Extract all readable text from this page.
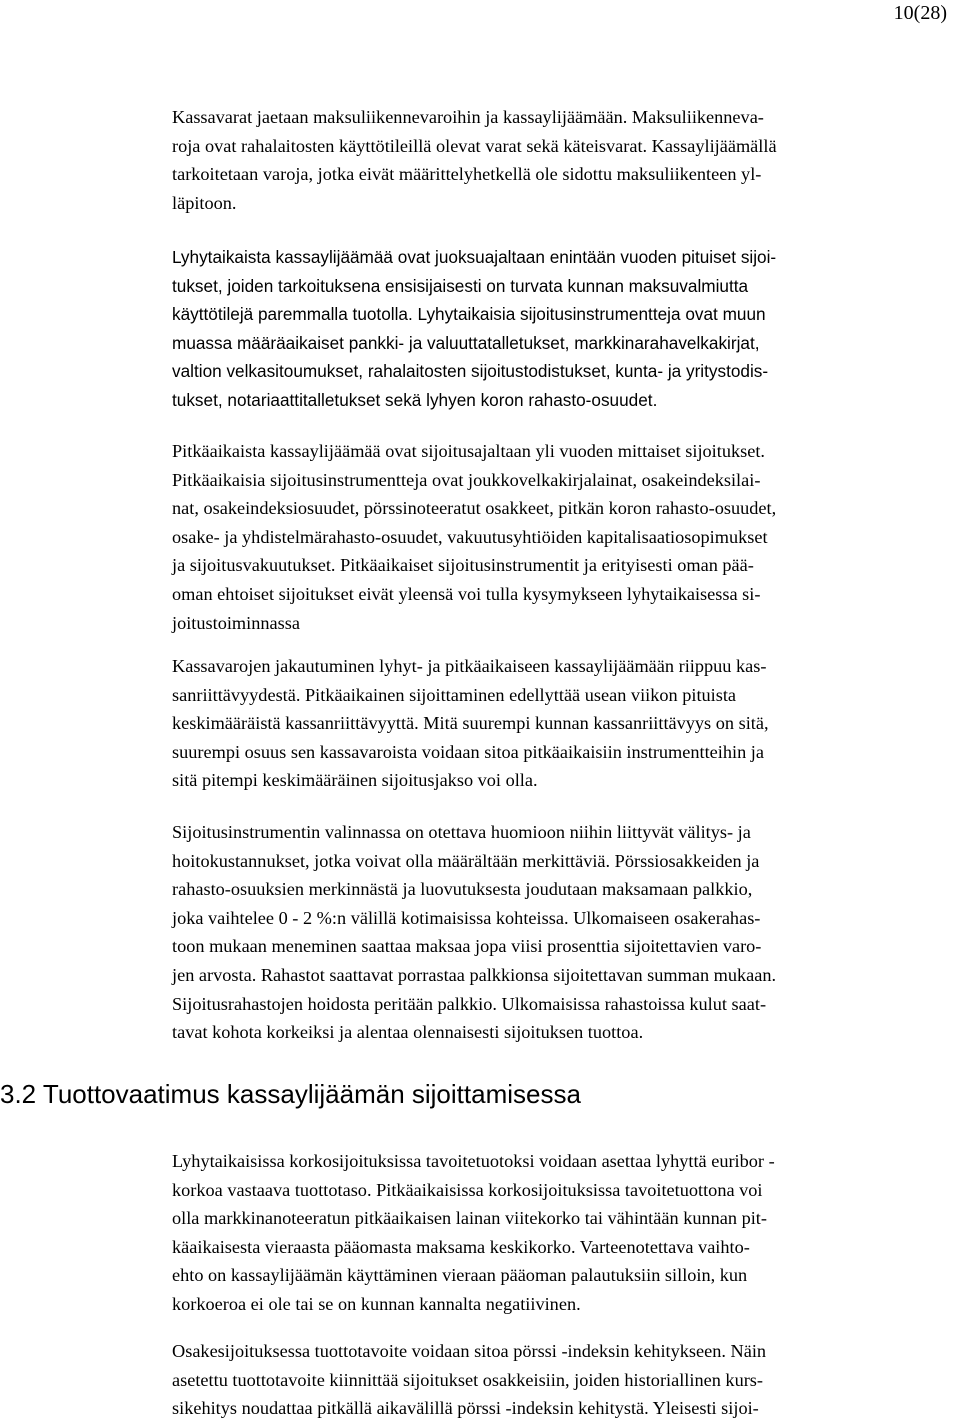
10(28)
Kassavarat jaetaan maksuliikennevaroihin ja kassaylijäämään. Maksuliikenneva-
roja ovat rahalaitosten käyttötileillä olevat varat sekä käteisvarat. Kassaylijäämällä
tarkoitetaan varoja, jotka eivät määrittelyhetkellä ole sidottu maksuliikenteen yl-
läpitoon.
Lyhytaikaista kassaylijäämää ovat juoksuajaltaan enintään vuoden pituiset sijoi-
tukset, joiden tarkoituksena ensisijaisesti on turvata kunnan maksuvalmiutta
käyttötilejä paremmalla tuotolla. Lyhytaikaisia sijoitusinstrumentteja ovat muun
muassa määräaikaiset pankki- ja valuuttatalletukset, markkinarahavelkakirjat,
valtion velkasitoumukset, rahalaitosten sijoitustodistukset, kunta- ja yritystodis-
tukset, notariaattitalletukset sekä lyhyen koron rahasto-osuudet.
Pitkäaikaista kassaylijäämää ovat sijoitusajaltaan yli vuoden mittaiset sijoitukset.
Pitkäaikaisia sijoitusinstrumentteja ovat joukkovelkakirjalainat, osakeindeksilai-
nat, osakeindeksiosuudet, pörssinoteeratut osakkeet, pitkän koron rahasto-osuudet,
osake- ja yhdistelmärahasto-osuudet, vakuutusyhtiöiden kapitalisaatiosopimukset
ja sijoitusvakuutukset. Pitkäaikaiset sijoitusinstrumentit ja erityisesti oman pää-
oman ehtoiset sijoitukset eivät yleensä voi tulla kysymykseen lyhytaikaisessa si-
joitustoiminnassa
Kassavarojen jakautuminen lyhyt- ja pitkäaikaiseen kassaylijäämään riippuu kas-
sanriittävyydestä. Pitkäaikainen sijoittaminen edellyttää usean viikon pituista
keskimääräistä kassanriittävyyttä. Mitä suurempi kunnan kassanriittävyys on sitä,
suurempi osuus sen kassavaroista voidaan sitoa pitkäaikaisiin instrumentteihin ja
sitä pitempi keskimääräinen sijoitusjakso voi olla.
Sijoitusinstrumentin valinnassa on otettava huomioon niihin liittyvät välitys- ja
hoitokustannukset, jotka voivat olla määrältään merkittäviä. Pörssiosakkeiden ja
rahasto-osuuksien merkinnästä ja luovutuksesta joudutaan maksamaan palkkio,
joka vaihtelee 0 - 2 %:n välillä kotimaisissa kohteissa. Ulkomaiseen osakerahas-
toon mukaan meneminen saattaa maksaa jopa viisi prosenttia sijoitettavien varo-
jen arvosta. Rahastot saattavat porrastaa palkkionsa sijoitettavan summan mukaan.
Sijoitusrahastojen hoidosta peritään palkkio. Ulkomaisissa rahastoissa kulut saat-
tavat kohota korkeiksi ja alentaa olennaisesti sijoituksen tuottoa.
3.2 Tuottovaatimus kassaylijäämän sijoittamisessa
Lyhytaikaisissa korkosijoituksissa tavoitetuotoksi voidaan asettaa lyhyttä euribor -
korkoa vastaava tuottotaso. Pitkäaikaisissa korkosijoituksissa tavoitetuottona voi
olla markkinanoteeratun pitkäaikaisen lainan viitekorko tai vähintään kunnan pit-
käaikaisesta vieraasta pääomasta maksama keskikorko. Varteenotettava vaihto-
ehto on kassaylijäämän käyttäminen vieraan pääoman palautuksiin silloin, kun
korkoeroa ei ole tai se on kunnan kannalta negatiivinen.
Osakesijoituksessa tuottotavoite voidaan sitoa pörssi -indeksin kehitykseen. Näin
asetettu tuottotavoite kiinnittää sijoitukset osakkeisiin, joiden historiallinen kurs-
sikehitys noudattaa pitkällä aikavälillä pörssi -indeksin kehitystä. Yleisesti sijoi-
